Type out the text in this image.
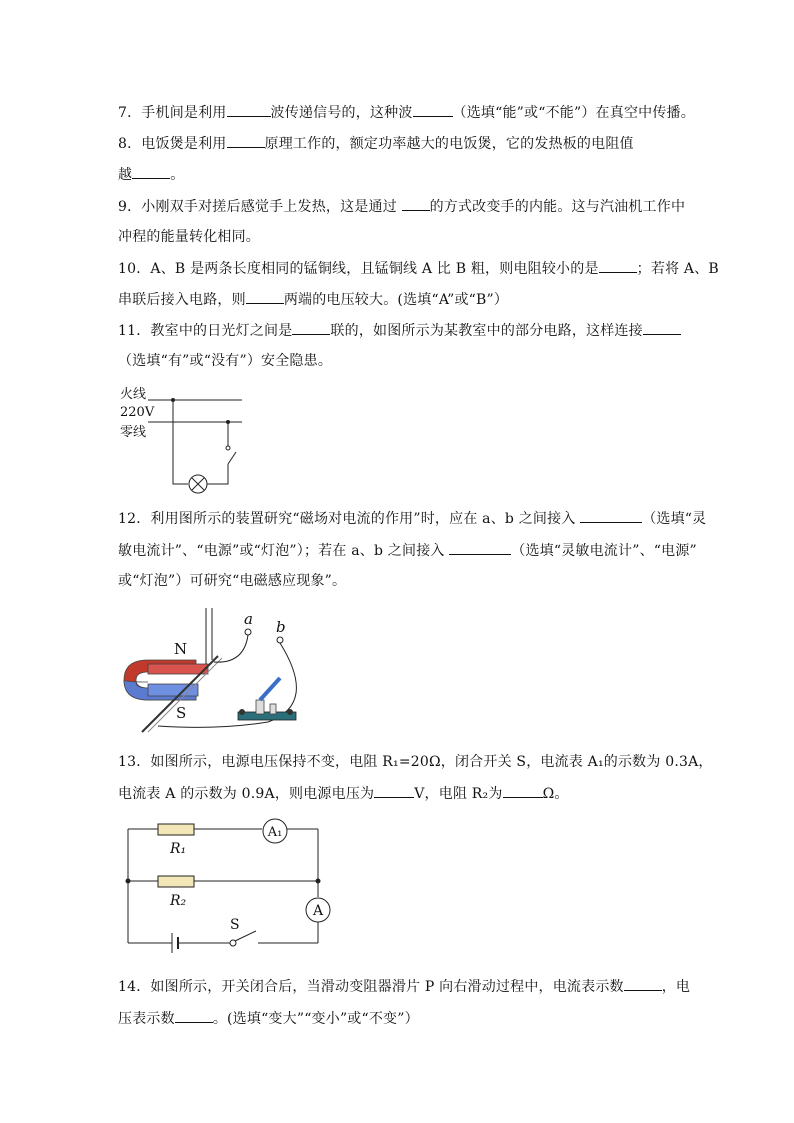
7．手机间是利用	波传递信号的，这种波	（选填“能”或“不能”）在真空中传播。
8．电饭煲是利用	原理工作的，额定功率越大的电饭煲，它的发热板的电阻值
越	。
9．小刚双手对搓后感觉手上发热，这是通过 的方式改变手的内能。这与汽油机工作中
冲程的能量转化相同。
10．A、B 是两条长度相同的锰铜线，且锰铜线 A 比 B 粗，则电阻较小的是	；若将 A、B
串联后接入电路，则	两端的电压较大。(选填“A”或“B”）
11．教室中的日光灯之间是	联的，如图所示为某教室中的部分电路，这样连接
（选填“有”或“没有”）安全隐患。
火线
220V
零线
12．利用图所示的装置研究“磁场对电流的作用”时，应在 a、b 之间接入	（选填“灵
敏电流计”、“电源”或“灯泡”）；若在 a、b 之间接入	（选填“灵敏电流计”、“电源”
或“灯泡”）可研究“电磁感应现象”。
N
S
a b
13．如图所示，电源电压保持不变，电阻 R₁=20Ω，闭合开关 S，电流表 A₁的示数为 0.3A，
电流表 A 的示数为 0.9A，则电源电压为	V，电阻 R₂为	Ω。
A₁
R₁
R₂
A
S
14．如图所示，开关闭合后，当滑动变阻器滑片 P 向右滑动过程中，电流表示数	，电
压表示数	。(选填“变大”“变小”或“不变”）
